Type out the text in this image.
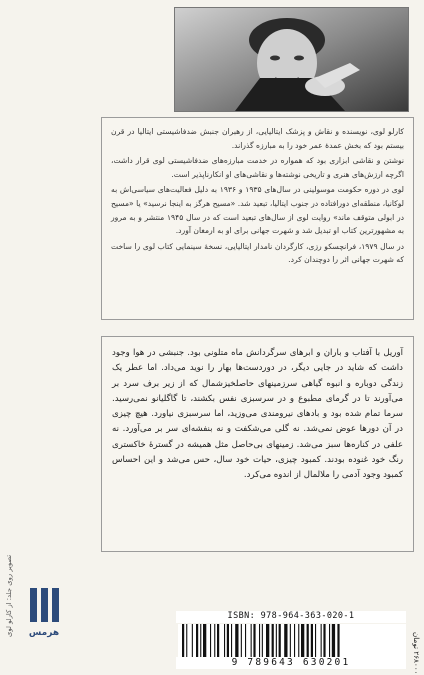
کارلو لوی، نویسنده و نقاش و پزشک ایتالیایی، از رهبران جنبش ضدفاشیستی ایتالیا در قرن بیستم بود که بخش عمدهٔ عمر خود را به مبارزه گذراند.

نوشتن و نقاشی ابزاری بود که همواره در خدمت مبارزه‌های ضدفاشیستی لوی قرار داشت، اگرچه ارزش‌های هنری و تاریخی نوشته‌ها و نقاشی‌های او انکارناپذیر است.

لوی در دوره حکومت موسولینی در سال‌های ۱۹۳۵ و ۱۹۳۶ به دلیل فعالیت‌های سیاسی‌اش به لوکانیا، منطقه‌ای دورافتاده در جنوب ایتالیا، تبعید شد. «مسیح هرگز به اینجا نرسید» یا «مسیح در ابولی متوقف ماند» روایت لوی از سال‌های تبعید است که در سال ۱۹۴۵ منتشر و به مرور به مشهورترین کتاب او تبدیل شد و شهرت جهانی برای او به ارمغان آورد.

در سال ۱۹۷۹، فرانچسکو رزی، کارگردان نامدار ایتالیایی، نسخهٔ سینمایی کتاب لوی را ساخت که شهرت جهانی اثر را دوچندان کرد.

آوریل با آفتاب و باران و ابرهای سرگردانش ماه متلونی بود. جنبشی در هوا وجود داشت که شاید در جایی دیگر، در دوردست‌ها بهار را نوید می‌داد. اما عطر یک زندگی دوباره و انبوه گیاهی سرزمینهای حاصلخیزشمال که از زیر برف سرد بر می‌آورند تا در گرمای مطبوع و در سرسبزی نفس بکشند، تا گاگلیانو نمی‌رسید. سرما تمام شده بود و بادهای نیرومندی می‌وزید، اما سرسبزی نیاورد. هیچ چیزی در آن دورها عوض نمی‌شد. نه گلی می‌شکفت و نه بنفشه‌ای سر بر می‌آورد. نه علفی در کناره‌ها سبز می‌شد. زمینهای بی‌حاصل مثل همیشه در گستره‌ٔ خاکستری رنگ خود غنوده بودند. کمبود چیزی، حیات خود سال، حس می‌شد و این احساس کمبود وجود آدمی را ملالمال از اندوه می‌کرد.

تصویر روی جلد: از کارلو لوی	هرمس
ISBN: 978-964-363-020-1
9 789643 630201
۲۶۸۰۰۰ تومان
